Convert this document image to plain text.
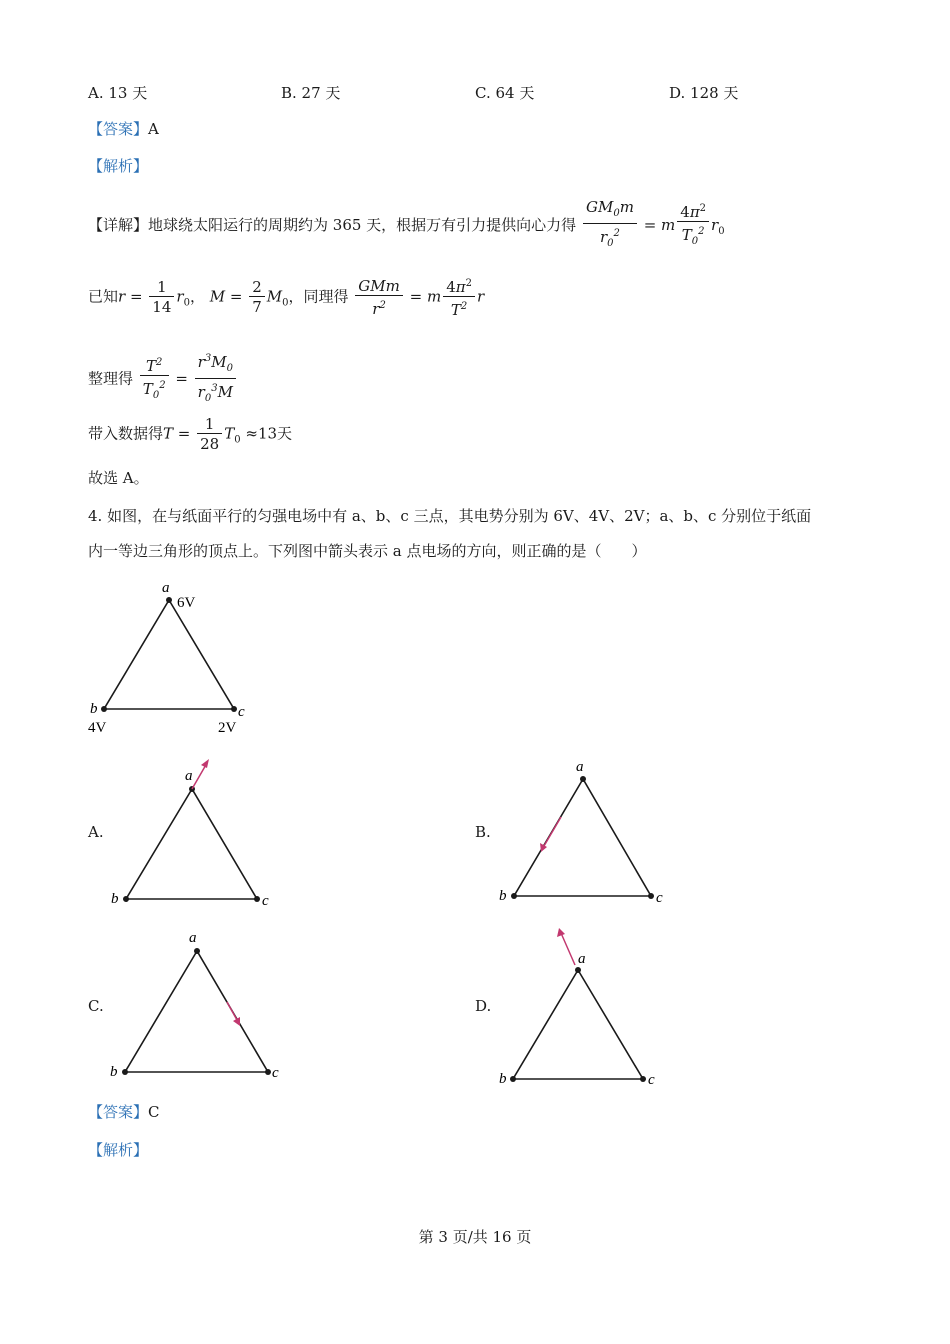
A. 13 天	B. 27 天	C. 64 天	D. 128 天
【答案】A
【解析】
【详解】地球绕太阳运行的周期约为 365 天，根据万有引力提供向心力得 $\frac{GM_0m}{r_0^2} = m \frac{4\pi^2}{T_0^2} r_0$
已知$r = \frac{1}{14} r_0$， $M = \frac{2}{7} M_0$，同理得 $\frac{\text{GMm}}{r^2} = m \frac{4\pi^2}{T^2}$ r
整理得 $\frac{T^2}{T_0^2} = \frac{r^3M_0}{r_0^3M}$
带入数据得$T = \frac{1}{28} T_0 \approx 13$天
故选 A。
4. 如图，在与纸面平行的匀强电场中有 a、b、c 三点，其电势分别为 6V、4V、2V；a、b、c 分别位于纸面
内一等边三角形的顶点上。下列图中箭头表示 a 点电场的方向，则正确的是（　　）
a
6V
b
4V
c
2V
A.
a
b	c
B.
a
b	c
C.
a
b	c
D.
a
b	c
【答案】C
【解析】
第 3 页/共 16 页
